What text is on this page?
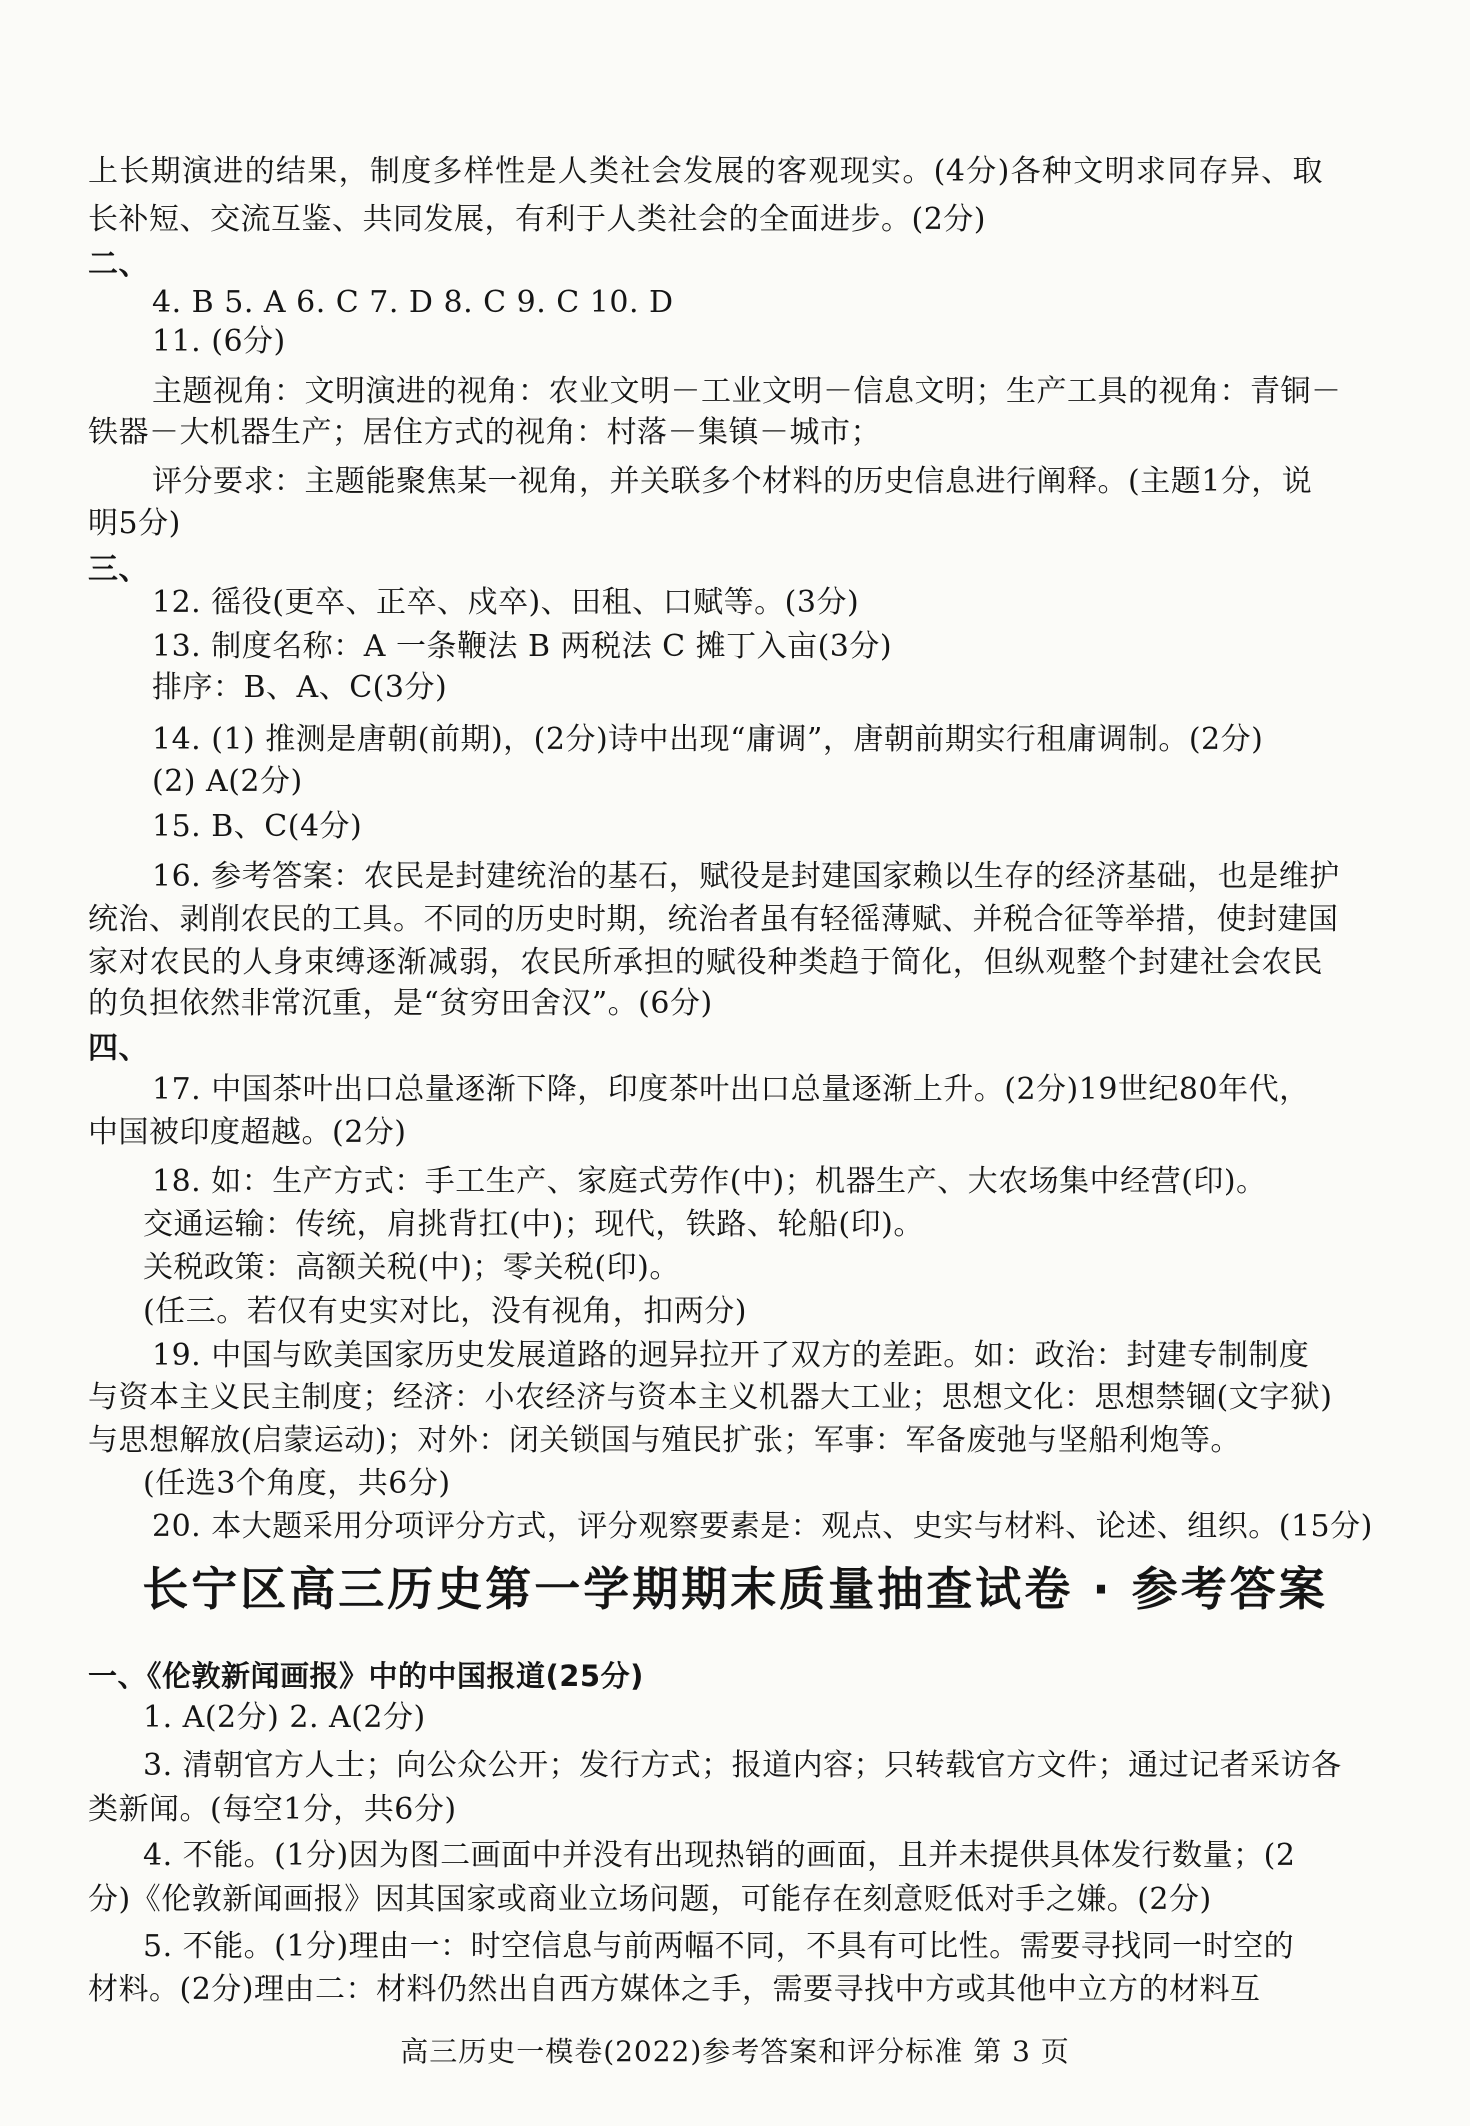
上长期演进的结果，制度多样性是人类社会发展的客观现实。(4分)各种文明求同存异、取
长补短、交流互鉴、共同发展，有利于人类社会的全面进步。(2分)
二、
4. B 5. A 6. C 7. D 8. C 9. C 10. D
11. (6分)
主题视角：文明演进的视角：农业文明－工业文明－信息文明；生产工具的视角：青铜－
铁器－大机器生产；居住方式的视角：村落－集镇－城市；
评分要求：主题能聚焦某一视角，并关联多个材料的历史信息进行阐释。(主题1分，说
明5分)
三、
12. 徭役(更卒、正卒、戍卒)、田租、口赋等。(3分)
13. 制度名称：A 一条鞭法 B 两税法 C 摊丁入亩(3分)
排序：B、A、C(3分)
14. (1) 推测是唐朝(前期)，(2分)诗中出现“庸调”，唐朝前期实行租庸调制。(2分)
(2) A(2分)
15. B、C(4分)
16. 参考答案：农民是封建统治的基石，赋役是封建国家赖以生存的经济基础，也是维护
统治、剥削农民的工具。不同的历史时期，统治者虽有轻徭薄赋、并税合征等举措，使封建国
家对农民的人身束缚逐渐减弱，农民所承担的赋役种类趋于简化，但纵观整个封建社会农民
的负担依然非常沉重，是“贫穷田舍汉”。(6分)
四、
17. 中国茶叶出口总量逐渐下降，印度茶叶出口总量逐渐上升。(2分)19世纪80年代，
中国被印度超越。(2分)
18. 如：生产方式：手工生产、家庭式劳作(中)；机器生产、大农场集中经营(印)。
交通运输：传统，肩挑背扛(中)；现代，铁路、轮船(印)。
关税政策：高额关税(中)；零关税(印)。
(任三。若仅有史实对比，没有视角，扣两分)
19. 中国与欧美国家历史发展道路的迥异拉开了双方的差距。如：政治：封建专制制度
与资本主义民主制度；经济：小农经济与资本主义机器大工业；思想文化：思想禁锢(文字狱)
与思想解放(启蒙运动)；对外：闭关锁国与殖民扩张；军事：军备废弛与坚船利炮等。
(任选3个角度，共6分)
20. 本大题采用分项评分方式，评分观察要素是：观点、史实与材料、论述、组织。(15分)
长宁区高三历史第一学期期末质量抽查试卷 · 参考答案
一、《伦敦新闻画报》中的中国报道(25分)
1. A(2分) 2. A(2分)
3. 清朝官方人士；向公众公开；发行方式；报道内容；只转载官方文件；通过记者采访各
类新闻。(每空1分，共6分)
4. 不能。(1分)因为图二画面中并没有出现热销的画面，且并未提供具体发行数量；(2
分)《伦敦新闻画报》因其国家或商业立场问题，可能存在刻意贬低对手之嫌。(2分)
5. 不能。(1分)理由一：时空信息与前两幅不同，不具有可比性。需要寻找同一时空的
材料。(2分)理由二：材料仍然出自西方媒体之手，需要寻找中方或其他中立方的材料互
高三历史一模卷(2022)参考答案和评分标准 第 3 页
